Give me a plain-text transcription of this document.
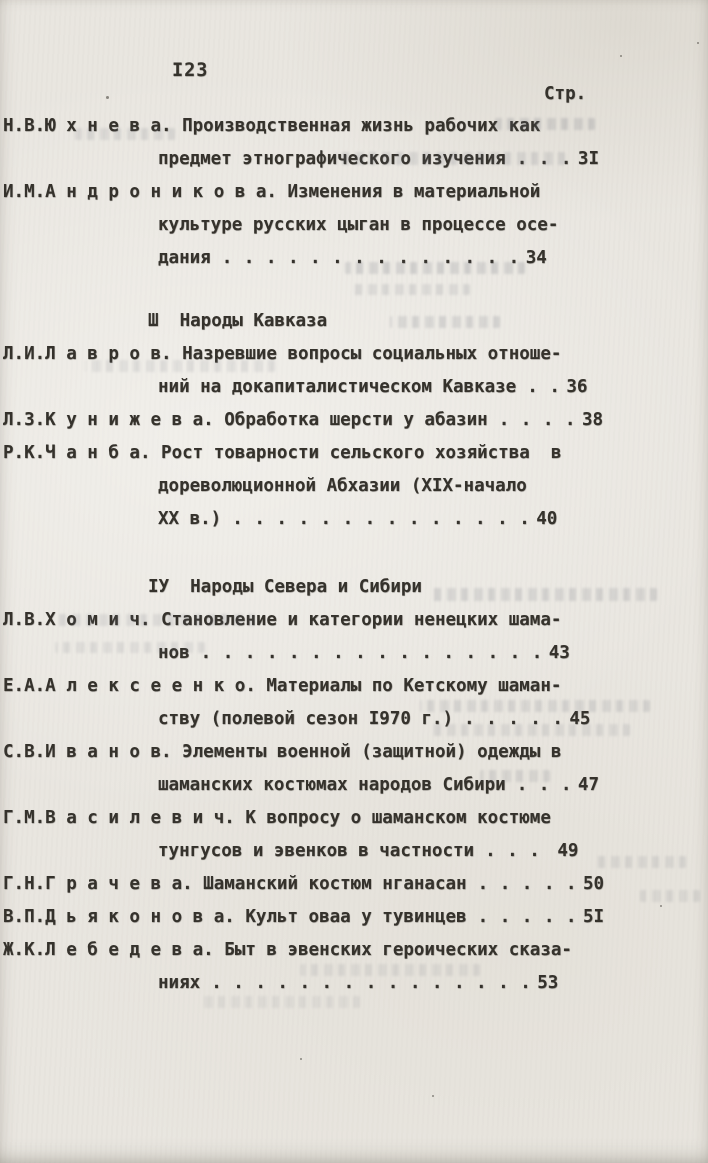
I23
Стр.
Н.В.Ю х н е в а. Производственная жизнь рабочих как
предмет этнографического изучения . . . 3I
И.М.А н д р о н и к о в а. Изменения в материальной
культуре русских цыган в процессе осе-
дания . . . . . . . . . . . . . . 34
Ш  Народы Кавказа
Л.И.Л а в р о в. Назревшие вопросы социальных отноше-
ний на докапиталистическом Кавказе . . 36
Л.З.К у н и ж е в а. Обработка шерсти у абазин . . . . 38
Р.К.Ч а н б а. Рост товарности сельского хозяйства  в
дореволюционной Абхазии (XIX-начало
XX в.) . . . . . . . . . . . . . . 40
IУ  Народы Севера и Сибири
Л.В.Х о м и ч. Становление и категории ненецких шама-
нов . . . . . . . . . . . . . . . . 43
Е.А.А л е к с е е н к о. Материалы по Кетскому шаман-
ству (полевой сезон I970 г.) . . . . . 45
С.В.И в а н о в. Элементы военной (защитной) одежды в
шаманских костюмах народов Сибири . . . 47
Г.М.В а с и л е в и ч. К вопросу о шаманском костюме
тунгусов и эвенков в частности . . . 49
Г.Н.Г р а ч е в а. Шаманский костюм нганасан . . . . . 50
В.П.Д ь я к о н о в а. Культ оваа у тувинцев . . . . . 5I
Ж.К.Л е б е д е в а. Быт в эвенских героических сказа-
ниях . . . . . . . . . . . . . . . 53
